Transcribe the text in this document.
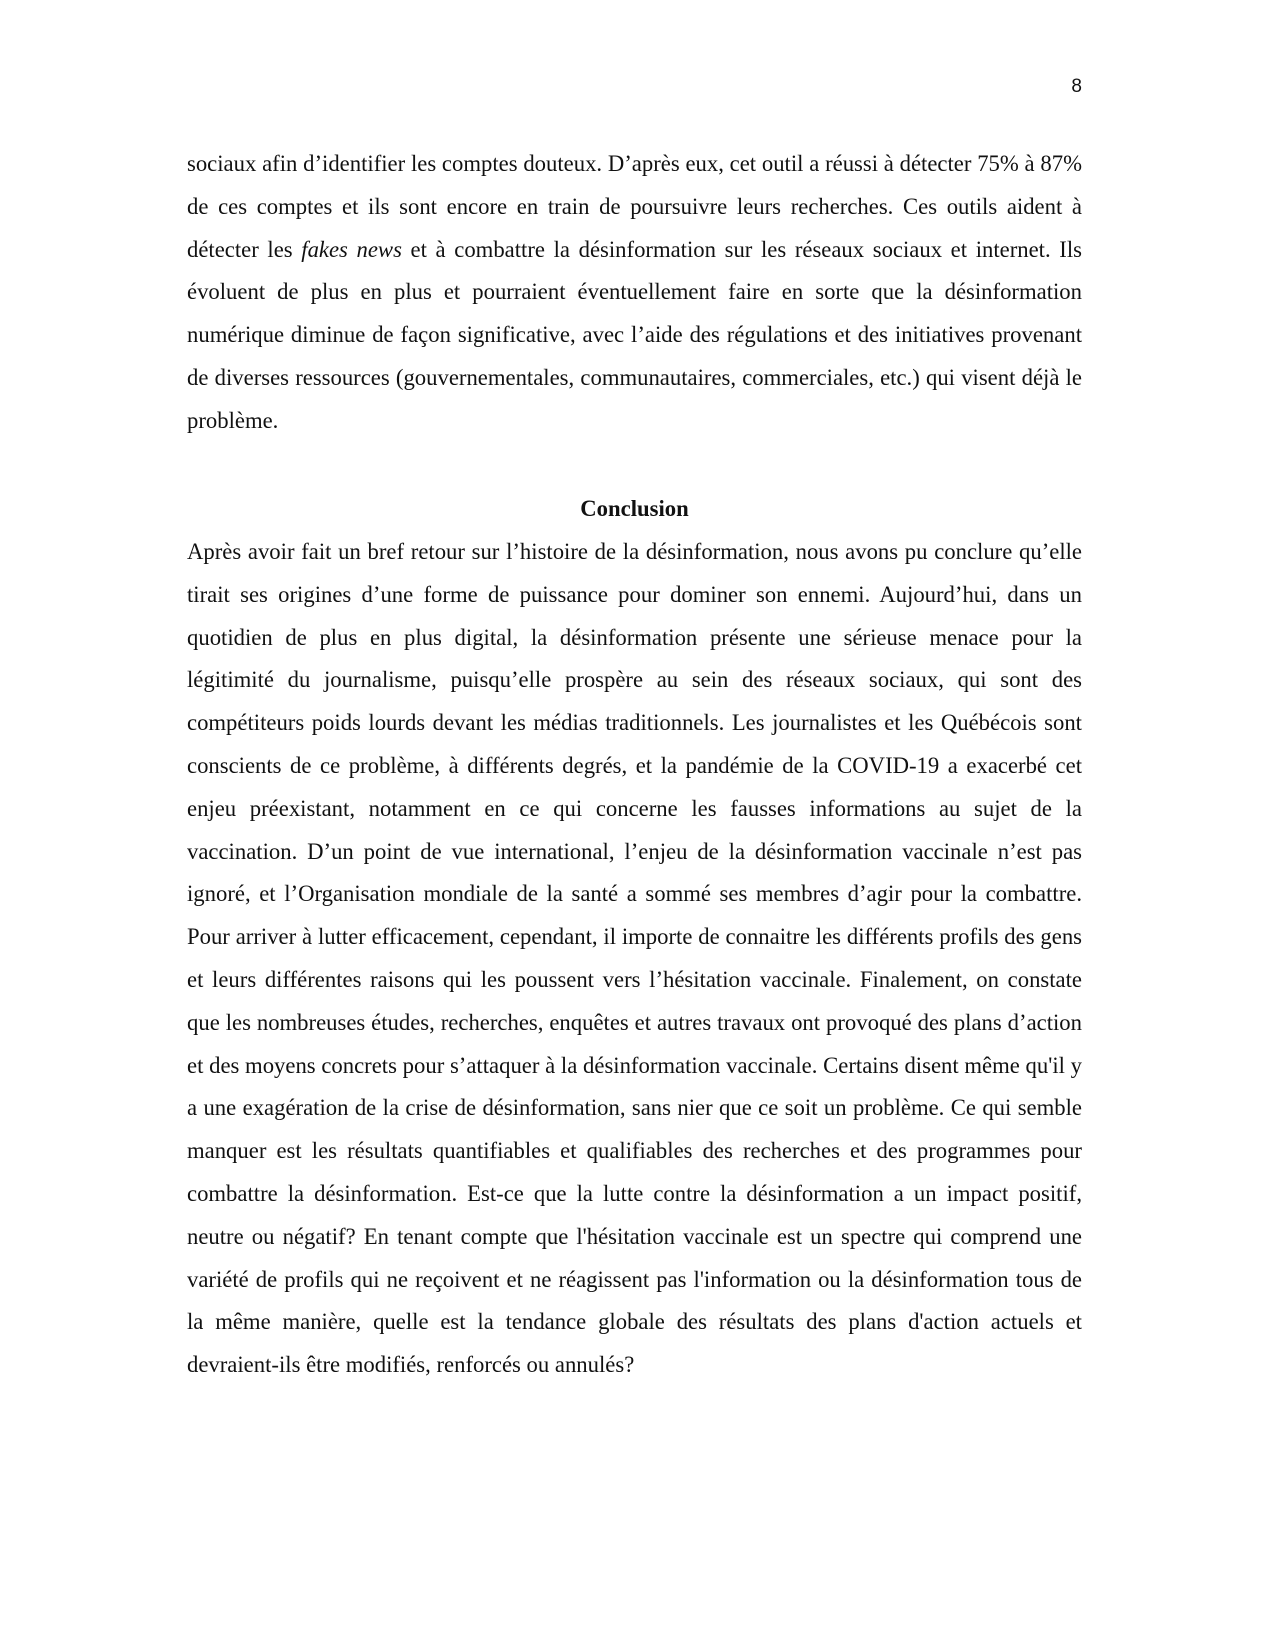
8

sociaux afin d’identifier les comptes douteux. D’après eux, cet outil a réussi à détecter 75% à 87% de ces comptes et ils sont encore en train de poursuivre leurs recherches. Ces outils aident à détecter les fakes news et à combattre la désinformation sur les réseaux sociaux et internet. Ils évoluent de plus en plus et pourraient éventuellement faire en sorte que la désinformation numérique diminue de façon significative, avec l’aide des régulations et des initiatives provenant de diverses ressources (gouvernementales, communautaires, commerciales, etc.) qui visent déjà le problème.

Conclusion

Après avoir fait un bref retour sur l’histoire de la désinformation, nous avons pu conclure qu’elle tirait ses origines d’une forme de puissance pour dominer son ennemi. Aujourd’hui, dans un quotidien de plus en plus digital, la désinformation présente une sérieuse menace pour la légitimité du journalisme, puisqu’elle prospère au sein des réseaux sociaux, qui sont des compétiteurs poids lourds devant les médias traditionnels. Les journalistes et les Québécois sont conscients de ce problème, à différents degrés, et la pandémie de la COVID-19 a exacerbé cet enjeu préexistant, notamment en ce qui concerne les fausses informations au sujet de la vaccination. D’un point de vue international, l’enjeu de la désinformation vaccinale n’est pas ignoré, et l’Organisation mondiale de la santé a sommé ses membres d’agir pour la combattre. Pour arriver à lutter efficacement, cependant, il importe de connaitre les différents profils des gens et leurs différentes raisons qui les poussent vers l’hésitation vaccinale. Finalement, on constate que les nombreuses études, recherches, enquêtes et autres travaux ont provoqué des plans d’action et des moyens concrets pour s’attaquer à la désinformation vaccinale. Certains disent même qu'il y a une exagération de la crise de désinformation, sans nier que ce soit un problème. Ce qui semble manquer est les résultats quantifiables et qualifiables des recherches et des programmes pour combattre la désinformation. Est-ce que la lutte contre la désinformation a un impact positif, neutre ou négatif? En tenant compte que l'hésitation vaccinale est un spectre qui comprend une variété de profils qui ne reçoivent et ne réagissent pas l'information ou la désinformation tous de la même manière, quelle est la tendance globale des résultats des plans d'action actuels et devraient-ils être modifiés, renforcés ou annulés?
